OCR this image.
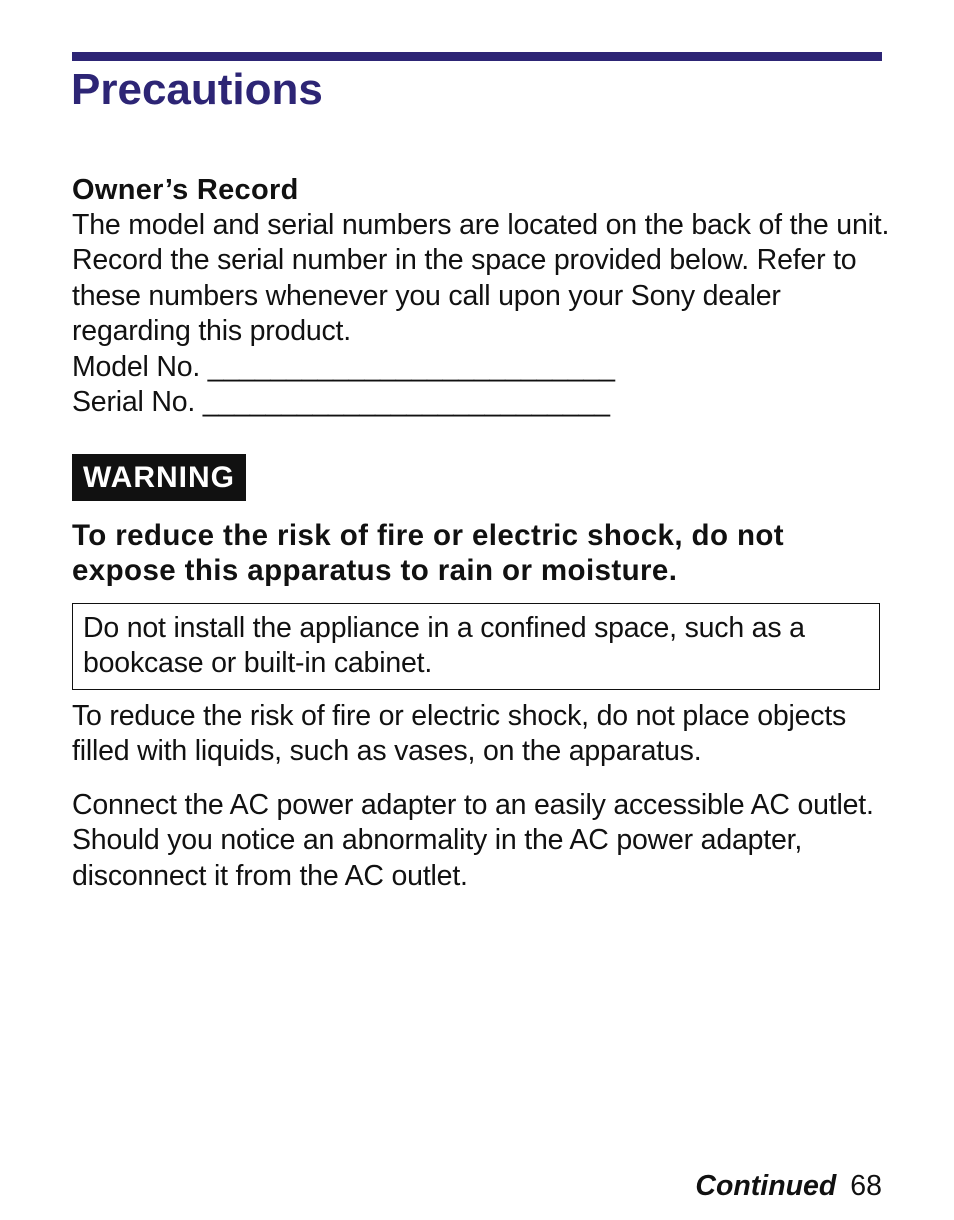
Precautions

Owner’s Record

The model and serial numbers are located on the back of the unit. Record the serial number in the space provided below. Refer to these numbers whenever you call upon your Sony dealer regarding this product.

Model No. __________________________

Serial No. __________________________

WARNING

To reduce the risk of fire or electric shock, do not expose this apparatus to rain or moisture.

Do not install the appliance in a confined space, such as a bookcase or built-in cabinet.

To reduce the risk of fire or electric shock, do not place objects filled with liquids, such as vases, on the apparatus.

Connect the AC power adapter to an easily accessible AC outlet. Should you notice an abnormality in the AC power adapter, disconnect it from the AC outlet.

Continued 68
